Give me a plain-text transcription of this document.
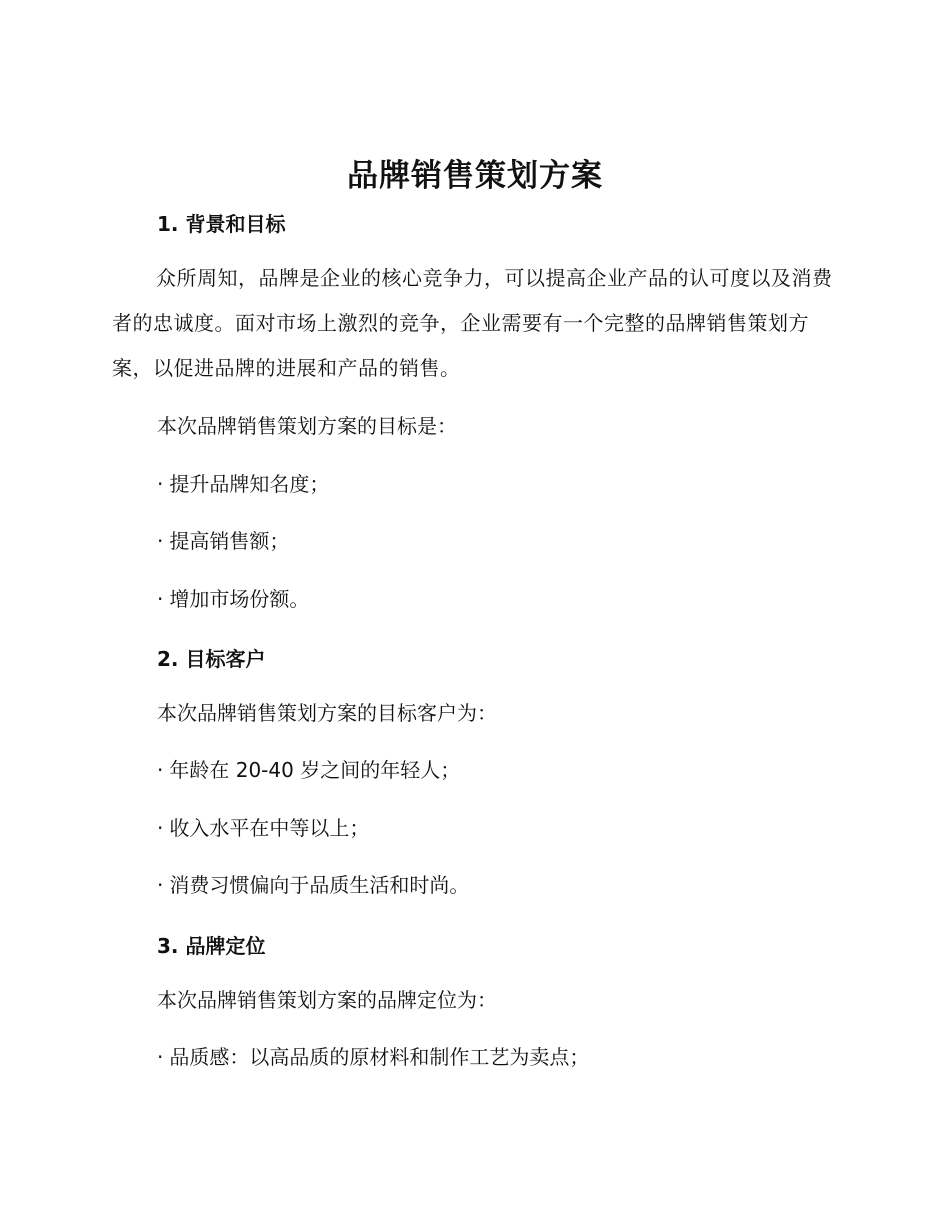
品牌销售策划方案
1. 背景和目标
众所周知，品牌是企业的核心竞争力，可以提高企业产品的认可度以及消费者的忠诚度。面对市场上激烈的竞争，企业需要有一个完整的品牌销售策划方案，以促进品牌的进展和产品的销售。
本次品牌销售策划方案的目标是：
· 提升品牌知名度；
· 提高销售额；
· 增加市场份额。
2. 目标客户
本次品牌销售策划方案的目标客户为：
· 年龄在 20-40 岁之间的年轻人；
· 收入水平在中等以上；
· 消费习惯偏向于品质生活和时尚。
3. 品牌定位
本次品牌销售策划方案的品牌定位为：
· 品质感：以高品质的原材料和制作工艺为卖点；
